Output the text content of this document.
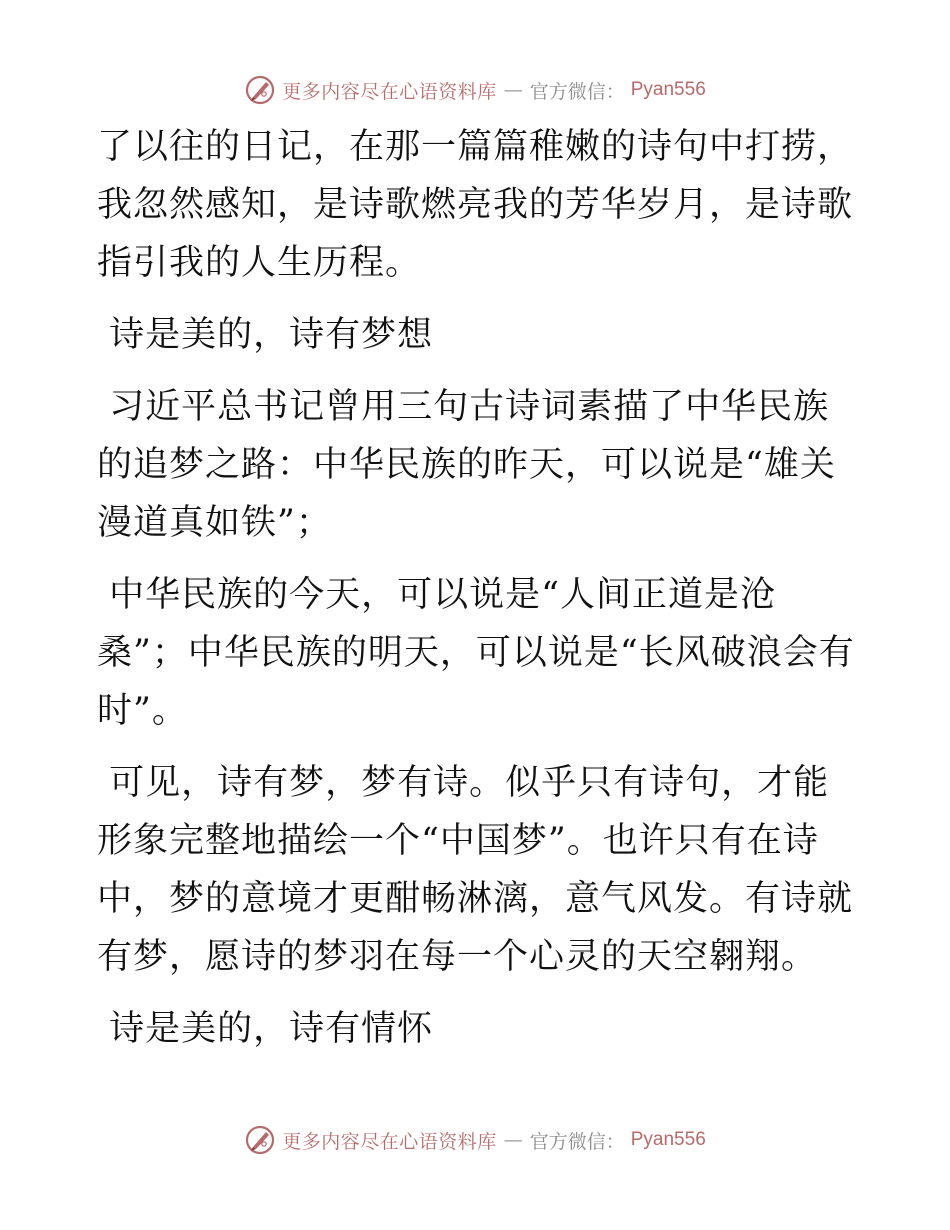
更多内容尽在心语资料库 — 官方微信： Pyan556

了以往的日记，在那一篇篇稚嫩的诗句中打捞，我忽然感知，是诗歌燃亮我的芳华岁月，是诗歌指引我的人生历程。

诗是美的，诗有梦想

习近平总书记曾用三句古诗词素描了中华民族的追梦之路：中华民族的昨天，可以说是“雄关漫道真如铁”；

中华民族的今天，可以说是“人间正道是沧桑”；中华民族的明天，可以说是“长风破浪会有时”。

可见，诗有梦，梦有诗。似乎只有诗句，才能形象完整地描绘一个“中国梦”。也许只有在诗中，梦的意境才更酣畅淋漓，意气风发。有诗就有梦，愿诗的梦羽在每一个心灵的天空翱翔。

诗是美的，诗有情怀

更多内容尽在心语资料库 — 官方微信： Pyan556
